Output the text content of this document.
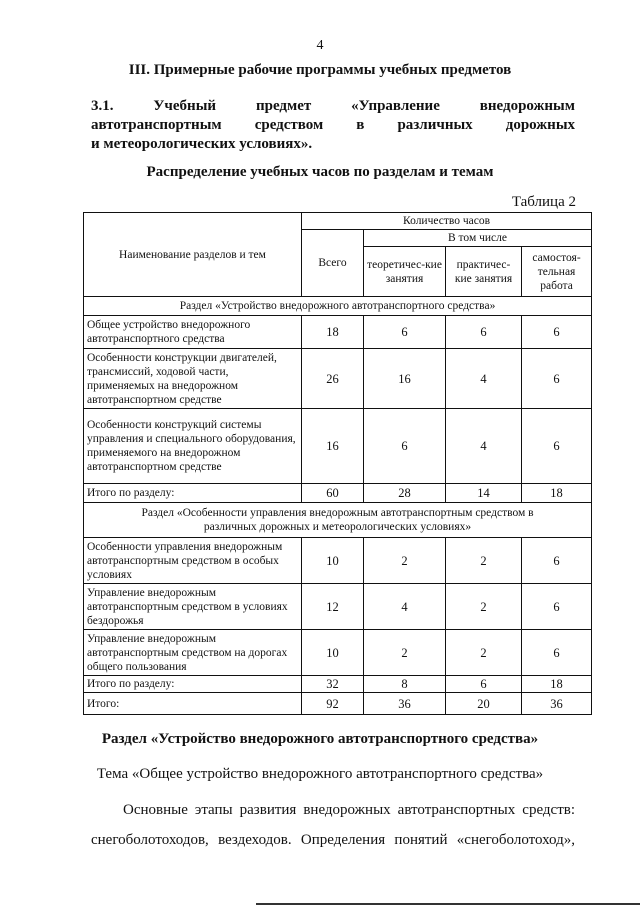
4
III. Примерные рабочие программы учебных предметов
3.1. Учебный	предмет	«Управление	внедорожным
автотранспортным средством в различных дорожных
и метеорологических условиях».
Распределение учебных часов по разделам и темам
Таблица 2
Наименование разделов и тем	Количество часов			
	Всего	В том числе		
		теоретичес-кие занятия	практичес-кие занятия	самостоя-тельная работа
Раздел «Устройство внедорожного автотранспортного средства»				
Общее устройство внедорожного автотранспортного средства	18	6	6	6
Особенности конструкции двигателей, трансмиссий, ходовой части, применяемых на внедорожном автотранспортном средстве	26	16	4	6
Особенности конструкций системы управления и специального оборудования, применяемого на внедорожном автотранспортном средстве	16	6	4	6
Итого по разделу:	60	28	14	18
Раздел «Особенности управления внедорожным автотранспортным средством в различных дорожных и метеорологических условиях»				
Особенности управления внедорожным автотранспортным средством в особых условиях	10	2	2	6
Управление внедорожным автотранспортным средством в условиях бездорожья	12	4	2	6
Управление внедорожным автотранспортным средством на дорогах общего пользования	10	2	2	6
Итого по разделу:	32	8	6	18
Итого:	92	36	20	36
Раздел «Устройство внедорожного автотранспортного средства»
Тема «Общее устройство внедорожного автотранспортного средства»
Основные этапы развития внедорожных автотранспортных средств:
снегоболотоходов, вездеходов. Определения понятий «снегоболотоход»,
